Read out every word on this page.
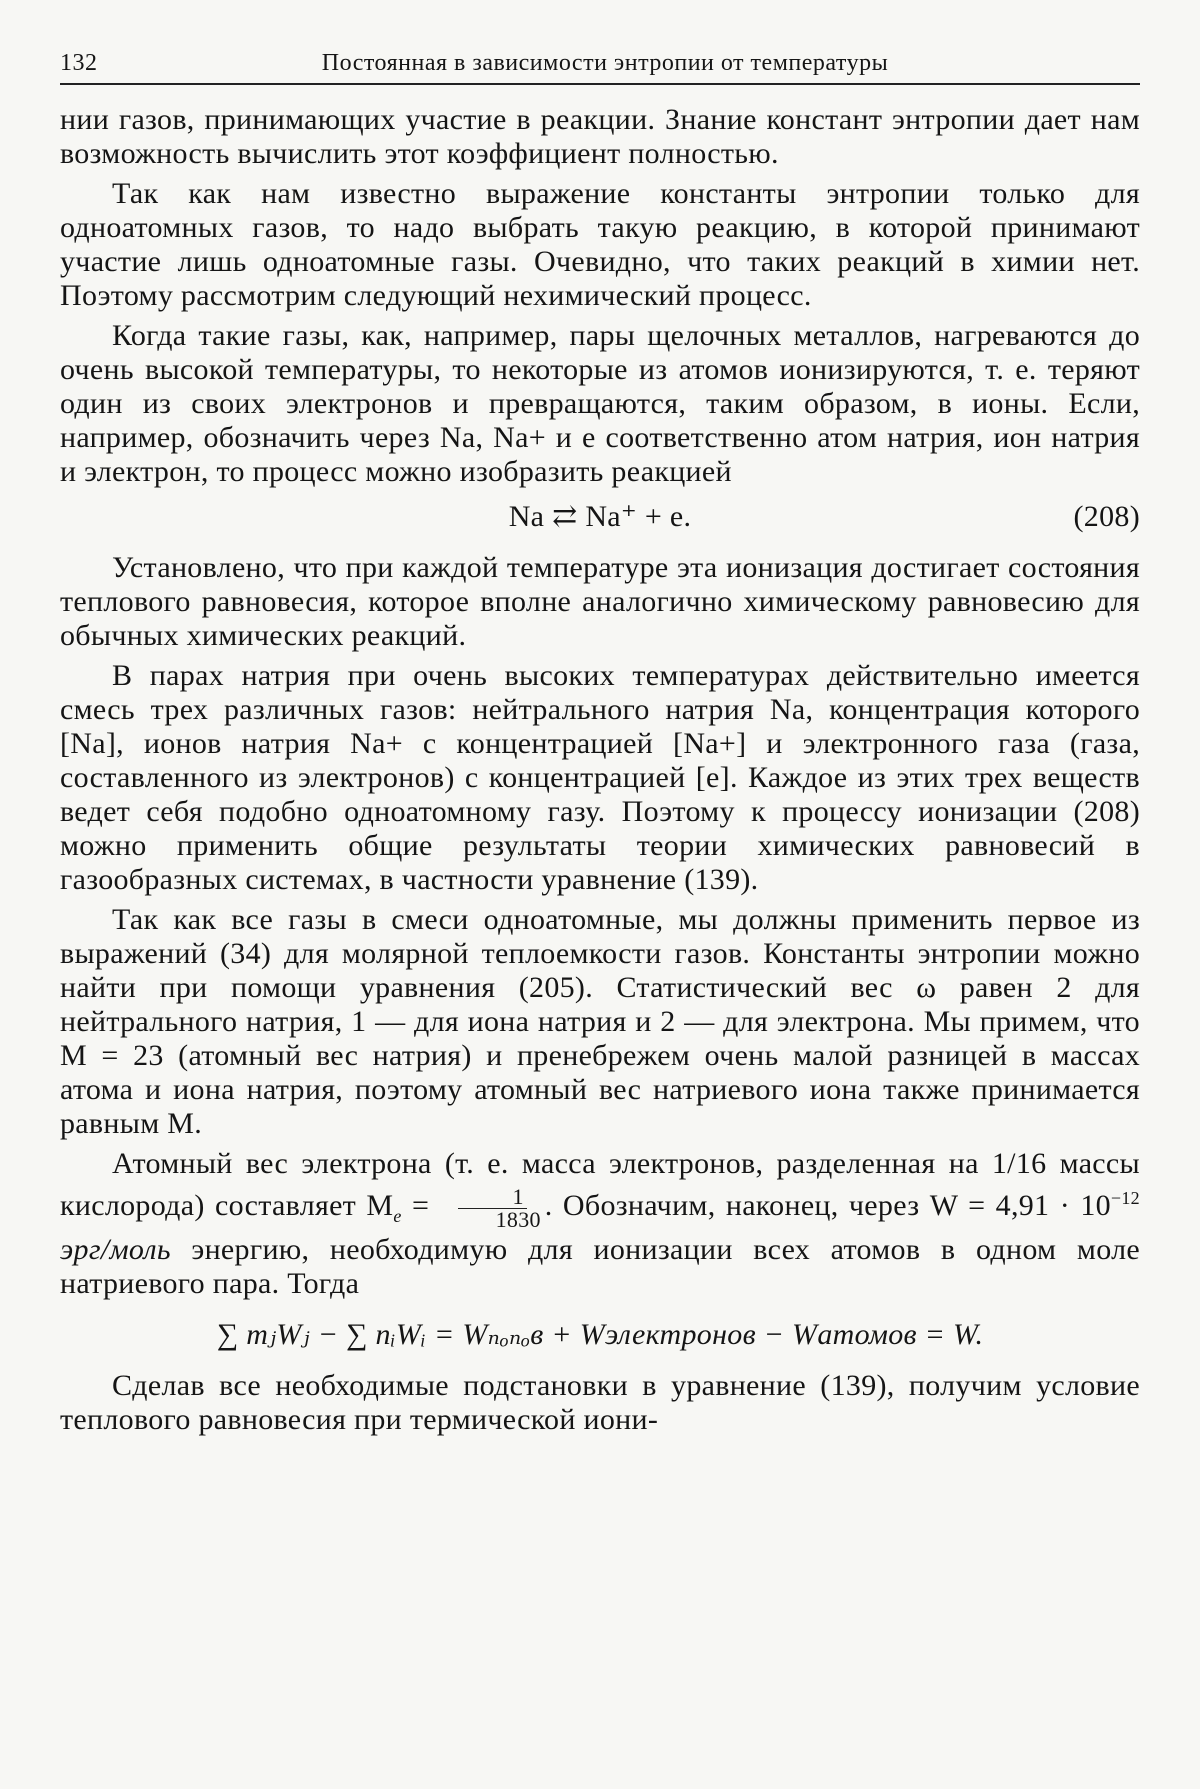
132	Постоянная в зависимости энтропии от температуры

нии газов, принимающих участие в реакции. Знание констант энтропии дает нам возможность вычислить этот коэффициент полностью.

Так как нам известно выражение константы энтропии только для одноатомных газов, то надо выбрать такую реакцию, в которой принимают участие лишь одноатомные газы. Очевидно, что таких реакций в химии нет. Поэтому рассмотрим следующий нехимический процесс.

Когда такие газы, как, например, пары щелочных металлов, нагреваются до очень высокой температуры, то некоторые из атомов ионизируются, т. е. теряют один из своих электронов и превращаются, таким образом, в ионы. Если, например, обозначить через Na, Na+ и e соответственно атом натрия, ион натрия и электрон, то процесс можно изобразить реакцией

Na ⇄ Na⁺ + e.	(208)

Установлено, что при каждой температуре эта ионизация достигает состояния теплового равновесия, которое вполне аналогично химическому равновесию для обычных химических реакций.

В парах натрия при очень высоких температурах действительно имеется смесь трех различных газов: нейтрального натрия Na, концентрация которого [Na], ионов натрия Na+ с концентрацией [Na+] и электронного газа (газа, составленного из электронов) с концентрацией [e]. Каждое из этих трех веществ ведет себя подобно одноатомному газу. Поэтому к процессу ионизации (208) можно применить общие результаты теории химических равновесий в газообразных системах, в частности уравнение (139).

Так как все газы в смеси одноатомные, мы должны применить первое из выражений (34) для молярной теплоемкости газов. Константы энтропии можно найти при помощи уравнения (205). Статистический вес ω равен 2 для нейтрального натрия, 1 — для иона натрия и 2 — для электрона. Мы примем, что M = 23 (атомный вес натрия) и пренебрежем очень малой разницей в массах атома и иона натрия, поэтому атомный вес натриевого иона также принимается равным M.

Атомный вес электрона (т. е. масса электронов, разделенная на 1/16 массы кислорода) составляет $M_e = \frac{1}{1830}$ . Обозначим, наконец, через $W = 4,91 \cdot 10^{-12}$ эрг/моль энергию, необходимую для ионизации всех атомов в одном моле натриевого пара. Тогда

∑ mⱼWⱼ − ∑ nᵢWᵢ = Wₙₒₙₒв + Wэлектронов − Wатомов = W.

Сделав все необходимые подстановки в уравнение (139), получим условие теплового равновесия при термической иони-
